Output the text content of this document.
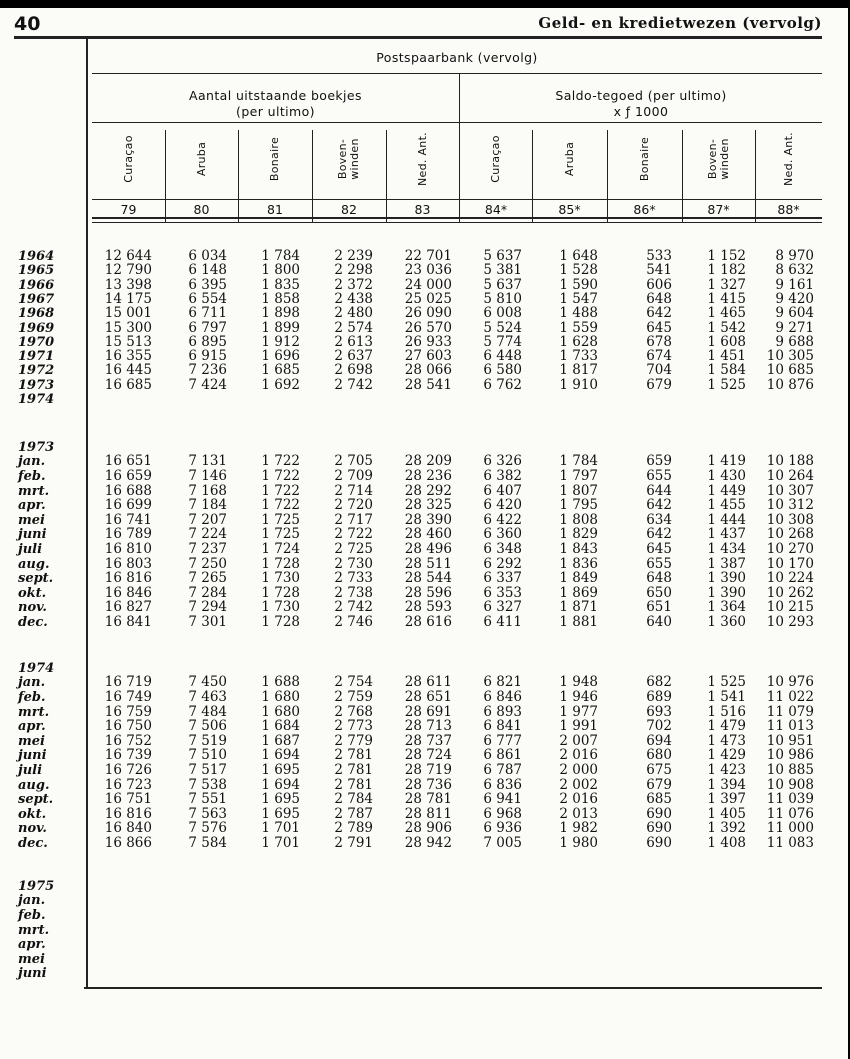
40	Geld- en kredietwezen (vervolg)
Postspaarbank (vervolg)
Aantal uitstaande boekjes
(per ultimo)
Saldo-tegoed (per ultimo)
x ƒ 1000
Curaçao
79
Aruba
80
Bonaire
81
Boven- winden
82
Ned. Ant.
83
Curaçao
84*
Aruba
85*
Bonaire
86*
Boven- winden
87*
Ned. Ant.
88*
1964	12 644	6 034	1 784	2 239	22 701	5 637	1 648	533	1 152	8 970
1965	12 790	6 148	1 800	2 298	23 036	5 381	1 528	541	1 182	8 632
1966	13 398	6 395	1 835	2 372	24 000	5 637	1 590	606	1 327	9 161
1967	14 175	6 554	1 858	2 438	25 025	5 810	1 547	648	1 415	9 420
1968	15 001	6 711	1 898	2 480	26 090	6 008	1 488	642	1 465	9 604
1969	15 300	6 797	1 899	2 574	26 570	5 524	1 559	645	1 542	9 271
1970	15 513	6 895	1 912	2 613	26 933	5 774	1 628	678	1 608	9 688
1971	16 355	6 915	1 696	2 637	27 603	6 448	1 733	674	1 451	10 305
1972	16 445	7 236	1 685	2 698	28 066	6 580	1 817	704	1 584	10 685
1973	16 685	7 424	1 692	2 742	28 541	6 762	1 910	679	1 525	10 876
1974
1973
jan.	16 651	7 131	1 722	2 705	28 209	6 326	1 784	659	1 419	10 188
feb.	16 659	7 146	1 722	2 709	28 236	6 382	1 797	655	1 430	10 264
mrt.	16 688	7 168	1 722	2 714	28 292	6 407	1 807	644	1 449	10 307
apr.	16 699	7 184	1 722	2 720	28 325	6 420	1 795	642	1 455	10 312
mei	16 741	7 207	1 725	2 717	28 390	6 422	1 808	634	1 444	10 308
juni	16 789	7 224	1 725	2 722	28 460	6 360	1 829	642	1 437	10 268
juli	16 810	7 237	1 724	2 725	28 496	6 348	1 843	645	1 434	10 270
aug.	16 803	7 250	1 728	2 730	28 511	6 292	1 836	655	1 387	10 170
sept.	16 816	7 265	1 730	2 733	28 544	6 337	1 849	648	1 390	10 224
okt.	16 846	7 284	1 728	2 738	28 596	6 353	1 869	650	1 390	10 262
nov.	16 827	7 294	1 730	2 742	28 593	6 327	1 871	651	1 364	10 215
dec.	16 841	7 301	1 728	2 746	28 616	6 411	1 881	640	1 360	10 293
1974
jan.	16 719	7 450	1 688	2 754	28 611	6 821	1 948	682	1 525	10 976
feb.	16 749	7 463	1 680	2 759	28 651	6 846	1 946	689	1 541	11 022
mrt.	16 759	7 484	1 680	2 768	28 691	6 893	1 977	693	1 516	11 079
apr.	16 750	7 506	1 684	2 773	28 713	6 841	1 991	702	1 479	11 013
mei	16 752	7 519	1 687	2 779	28 737	6 777	2 007	694	1 473	10 951
juni	16 739	7 510	1 694	2 781	28 724	6 861	2 016	680	1 429	10 986
juli	16 726	7 517	1 695	2 781	28 719	6 787	2 000	675	1 423	10 885
aug.	16 723	7 538	1 694	2 781	28 736	6 836	2 002	679	1 394	10 908
sept.	16 751	7 551	1 695	2 784	28 781	6 941	2 016	685	1 397	11 039
okt.	16 816	7 563	1 695	2 787	28 811	6 968	2 013	690	1 405	11 076
nov.	16 840	7 576	1 701	2 789	28 906	6 936	1 982	690	1 392	11 000
dec.	16 866	7 584	1 701	2 791	28 942	7 005	1 980	690	1 408	11 083
1975
jan.
feb.
mrt.
apr.
mei
juni
